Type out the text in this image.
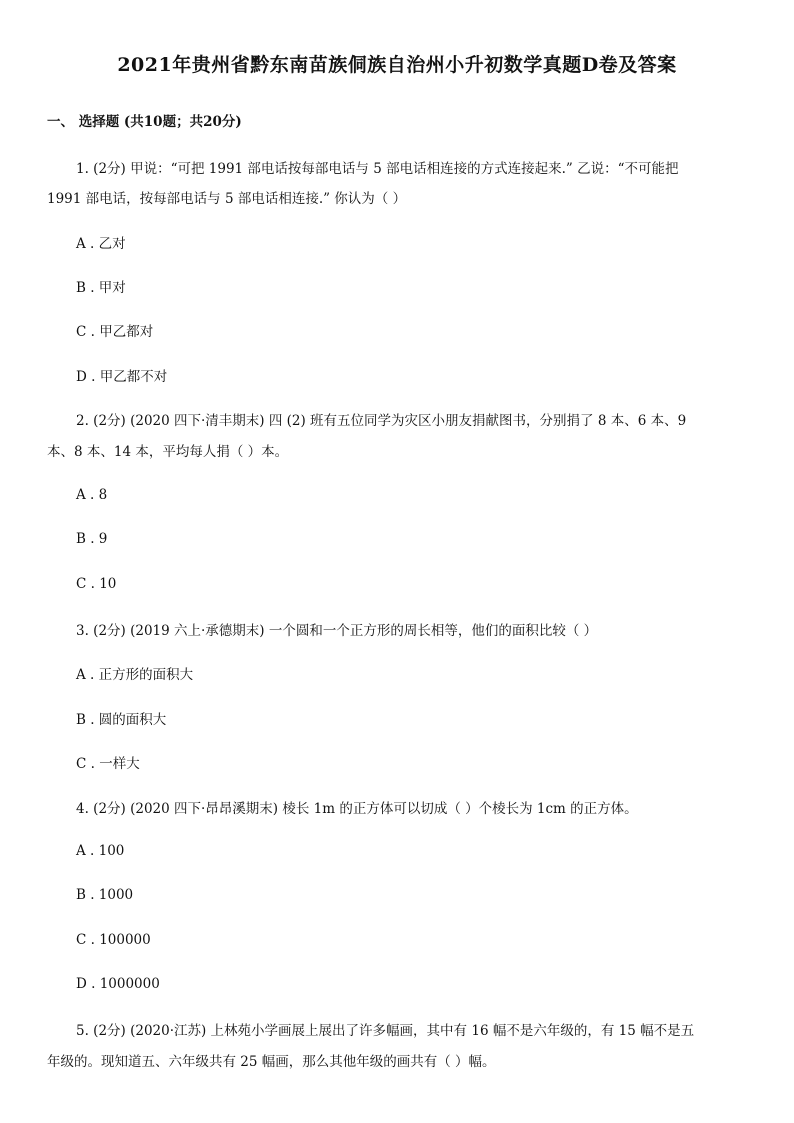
2021年贵州省黔东南苗族侗族自治州小升初数学真题D卷及答案
一、 选择题 (共10题；共20分)
1. (2分) 甲说：“可把 1991 部电话按每部电话与 5 部电话相连接的方式连接起来.” 乙说：“不可能把
1991 部电话，按每部电话与 5 部电话相连接.” 你认为（ ）
A . 乙对
B . 甲对
C . 甲乙都对
D . 甲乙都不对
2. (2分) (2020 四下·清丰期末) 四 (2) 班有五位同学为灾区小朋友捐献图书，分别捐了 8 本、6 本、9
本、8 本、14 本，平均每人捐（ ）本。
A . 8
B . 9
C . 10
3. (2分) (2019 六上·承德期末) 一个圆和一个正方形的周长相等，他们的面积比较（ ）
A . 正方形的面积大
B . 圆的面积大
C . 一样大
4. (2分) (2020 四下·昂昂溪期末) 棱长 1m 的正方体可以切成（ ）个棱长为 1cm 的正方体。
A . 100
B . 1000
C . 100000
D . 1000000
5. (2分) (2020·江苏) 上林苑小学画展上展出了许多幅画，其中有 16 幅不是六年级的，有 15 幅不是五
年级的。现知道五、六年级共有 25 幅画，那么其他年级的画共有（ ）幅。
